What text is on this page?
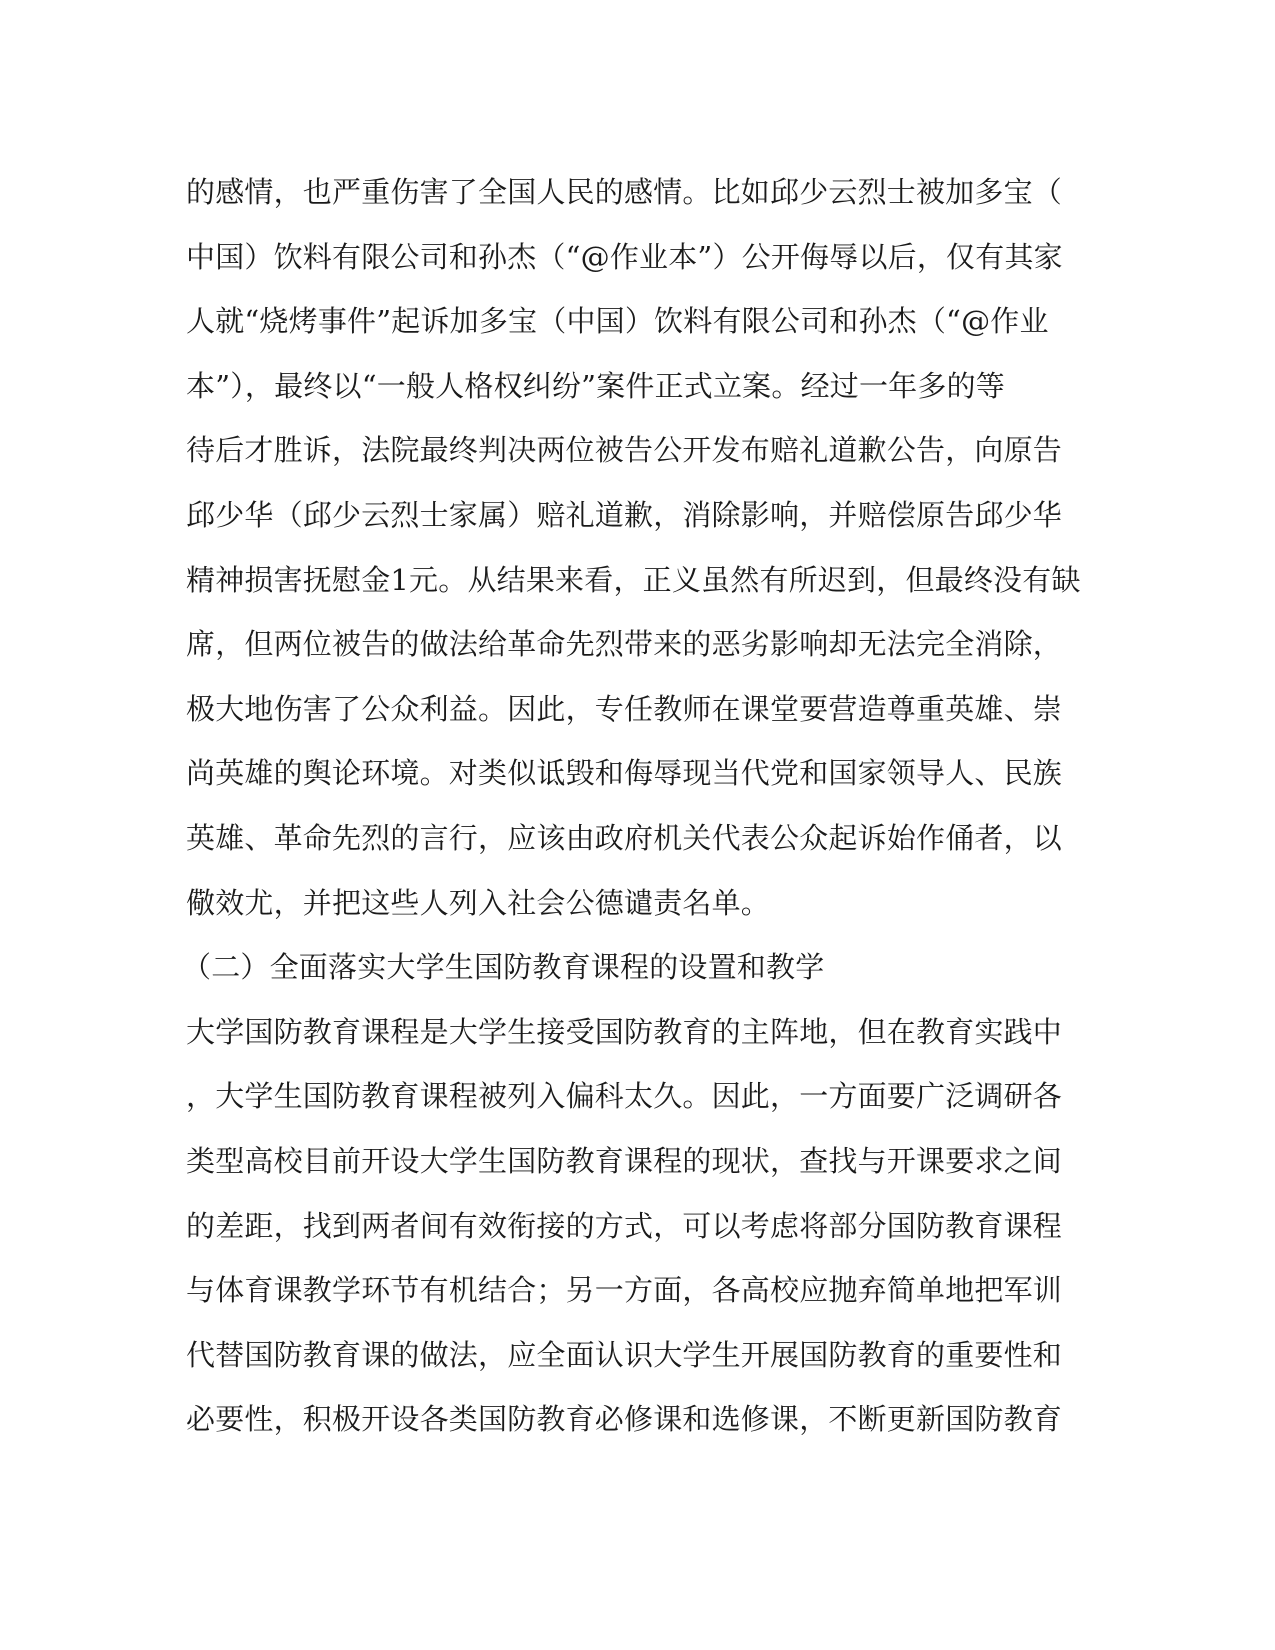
的感情，也严重伤害了全国人民的感情。比如邱少云烈士被加多宝（
中国）饮料有限公司和孙杰（“@作业本”）公开侮辱以后，仅有其家
人就“烧烤事件”起诉加多宝（中国）饮料有限公司和孙杰（“@作业
本”），最终以“一般人格权纠纷”案件正式立案。经过一年多的等
待后才胜诉，法院最终判决两位被告公开发布赔礼道歉公告，向原告
邱少华（邱少云烈士家属）赔礼道歉，消除影响，并赔偿原告邱少华
精神损害抚慰金1元。从结果来看，正义虽然有所迟到，但最终没有缺
席，但两位被告的做法给革命先烈带来的恶劣影响却无法完全消除，
极大地伤害了公众利益。因此，专任教师在课堂要营造尊重英雄、崇
尚英雄的舆论环境。对类似诋毁和侮辱现当代党和国家领导人、民族
英雄、革命先烈的言行，应该由政府机关代表公众起诉始作俑者，以
儆效尤，并把这些人列入社会公德谴责名单。
（二）全面落实大学生国防教育课程的设置和教学
大学国防教育课程是大学生接受国防教育的主阵地，但在教育实践中
，大学生国防教育课程被列入偏科太久。因此，一方面要广泛调研各
类型高校目前开设大学生国防教育课程的现状，查找与开课要求之间
的差距，找到两者间有效衔接的方式，可以考虑将部分国防教育课程
与体育课教学环节有机结合；另一方面，各高校应抛弃简单地把军训
代替国防教育课的做法，应全面认识大学生开展国防教育的重要性和
必要性，积极开设各类国防教育必修课和选修课，不断更新国防教育
